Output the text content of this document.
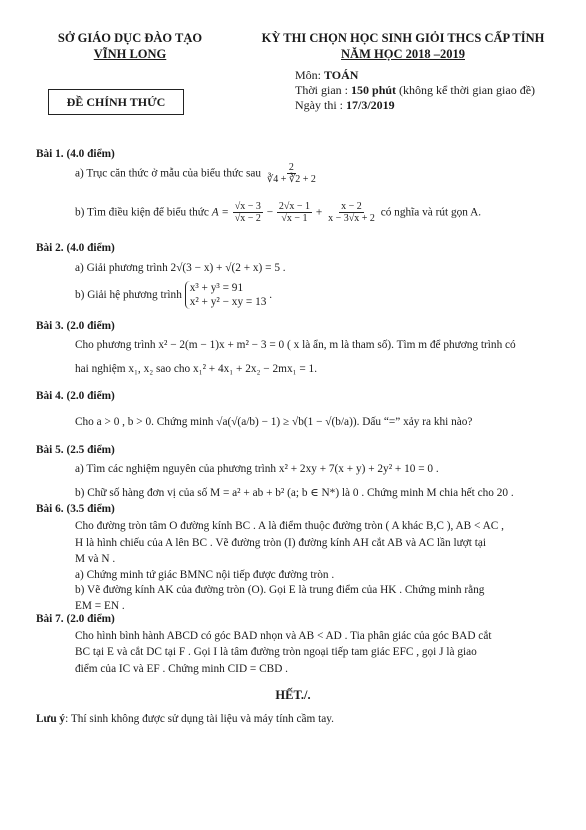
SỞ GIÁO DỤC ĐÀO TẠO
VĨNH LONG
KỲ THI CHỌN HỌC SINH GIỎI THCS CẤP TỈNH
NĂM HỌC 2018 –2019
ĐỀ CHÍNH THỨC
Môn: TOÁN
Thời gian : 150 phút (không kể thời gian giao đề)
Ngày thi : 17/3/2019
Bài 1. (4.0 điểm)
a) Trục căn thức ở mẫu của biểu thức sau $\frac{2}{∛4 + ∛2 + 2}$
b) Tìm điều kiện để biểu thức $A = \frac{√x - 3}{√x - 2} - \frac{2√x - 1}{√x - 1} + \frac{x - 2}{x - 3√x + 2}$ có nghĩa và rút gọn A.
Bài 2. (4.0 điểm)
a) Giải phương trình 2√(3 − x) + √(2 + x) = 5 .
b) Giải hệ phương trình
x³ + y³ = 91
x² + y² − xy = 13
.
Bài 3. (2.0 điểm)
Cho phương trình x² − 2(m − 1)x + m² − 3 = 0 ( x là ẩn, m là tham số). Tìm m để phương trình có
hai nghiệm x₁, x₂ sao cho x₁² + 4x₁ + 2x₂ − 2mx₁ = 1.
Bài 4. (2.0 điểm)
Cho a > 0 , b > 0. Chứng minh √a(√(a/b) − 1) ≥ √b(1 − √(b/a)). Dấu “=” xảy ra khi nào?
Bài 5. (2.5 điểm)
a) Tìm các nghiệm nguyên của phương trình x² + 2xy + 7(x + y) + 2y² + 10 = 0 .
b) Chữ số hàng đơn vị của số M = a² + ab + b² (a; b ∈ N*) là 0 . Chứng minh M chia hết cho 20 .
Bài 6. (3.5 điểm)
Cho đường tròn tâm O đường kính BC . A là điểm thuộc đường tròn ( A khác B,C ), AB < AC ,
H là hình chiếu của A lên BC . Vẽ đường tròn (I) đường kính AH cắt AB và AC lần lượt tại
M và N .
a) Chứng minh tứ giác BMNC nội tiếp được đường tròn .
b) Vẽ đường kính AK của đường tròn (O). Gọi E là trung điểm của HK . Chứng minh rằng
EM = EN .
Bài 7. (2.0 điểm)
Cho hình bình hành ABCD có góc BAD nhọn và AB < AD . Tia phân giác của góc BAD cắt
BC tại E và cắt DC tại F . Gọi I là tâm đường tròn ngoại tiếp tam giác EFC , gọi J là giao
điểm của IC và EF . Chứng minh CID = CBD .
HẾT./.
Lưu ý: Thí sinh không được sử dụng tài liệu và máy tính cầm tay.
